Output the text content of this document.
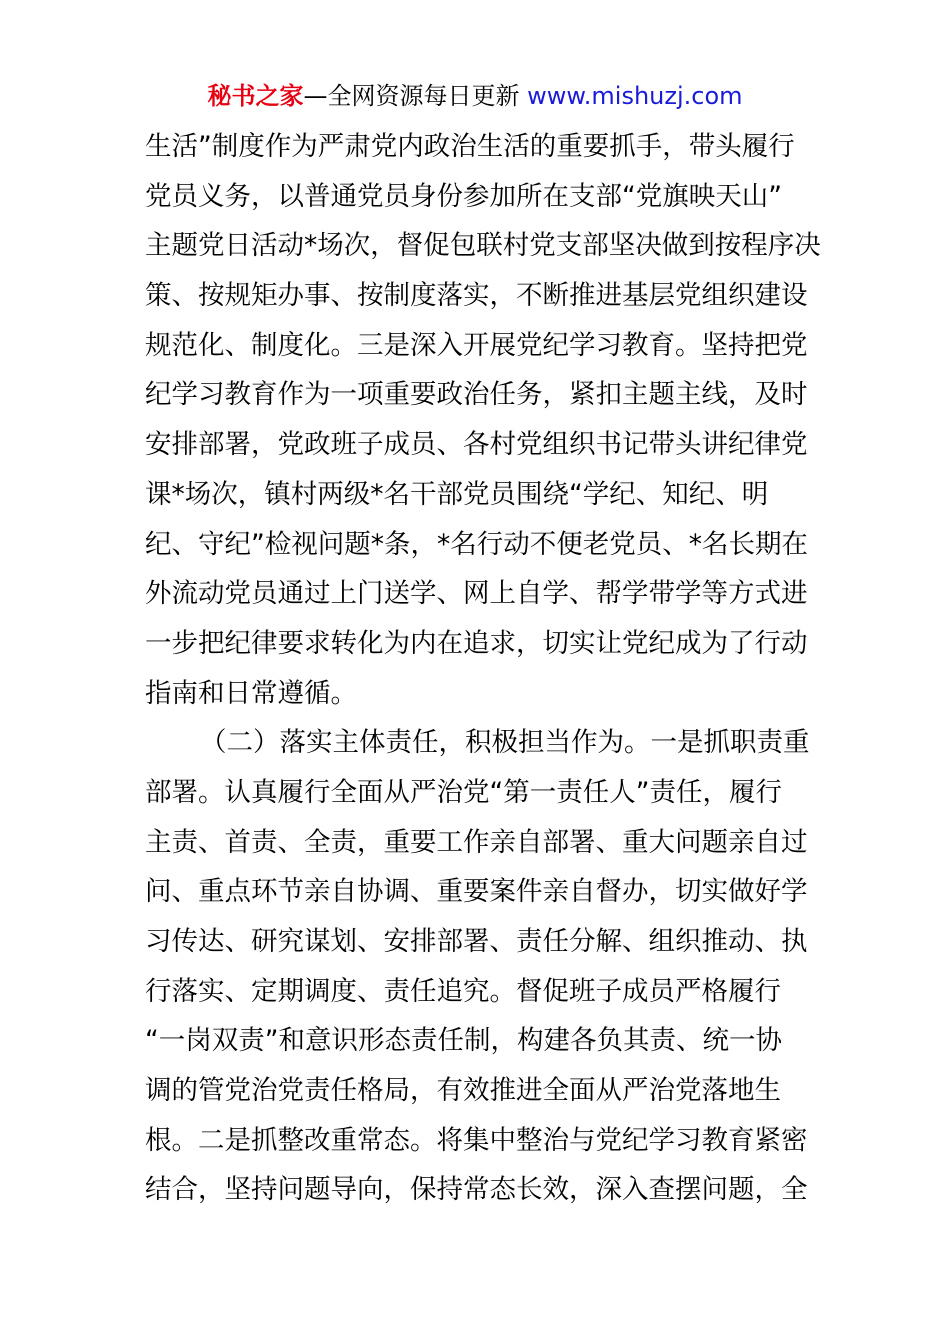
秘书之家—全网资源每日更新 www.mishuzj.com
生活”制度作为严肃党内政治生活的重要抓手，带头履行
党员义务，以普通党员身份参加所在支部“党旗映天山”
主题党日活动*场次，督促包联村党支部坚决做到按程序决
策、按规矩办事、按制度落实，不断推进基层党组织建设
规范化、制度化。三是深入开展党纪学习教育。坚持把党
纪学习教育作为一项重要政治任务，紧扣主题主线，及时
安排部署，党政班子成员、各村党组织书记带头讲纪律党
课*场次，镇村两级*名干部党员围绕“学纪、知纪、明
纪、守纪”检视问题*条，*名行动不便老党员、*名长期在
外流动党员通过上门送学、网上自学、帮学带学等方式进
一步把纪律要求转化为内在追求，切实让党纪成为了行动
指南和日常遵循。
（二）落实主体责任，积极担当作为。一是抓职责重
部署。认真履行全面从严治党“第一责任人”责任，履行
主责、首责、全责，重要工作亲自部署、重大问题亲自过
问、重点环节亲自协调、重要案件亲自督办，切实做好学
习传达、研究谋划、安排部署、责任分解、组织推动、执
行落实、定期调度、责任追究。督促班子成员严格履行
“一岗双责”和意识形态责任制，构建各负其责、统一协
调的管党治党责任格局，有效推进全面从严治党落地生
根。二是抓整改重常态。将集中整治与党纪学习教育紧密
结合，坚持问题导向，保持常态长效，深入查摆问题，全
